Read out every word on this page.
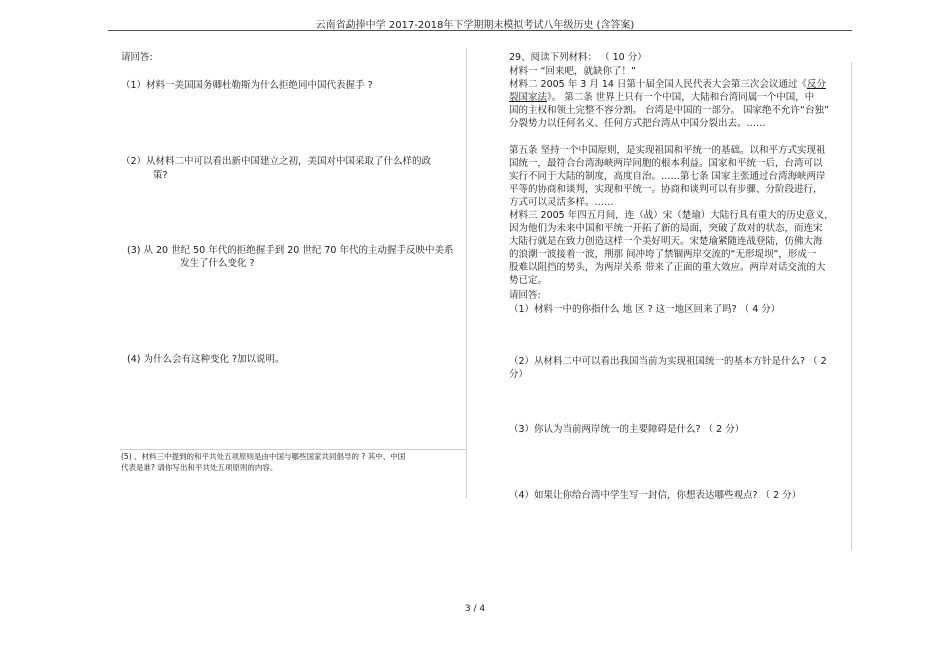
云南省勐捧中学 2017-2018年下学期期末模拟考试八年级历史 (含答案)
请回答:
（1）材料一美国国务卿杜勒斯为什么拒绝同中国代表握手 ?
（2）从材料二中可以看出新中国建立之初，美国对中国采取了什么样的政
策?
(3) 从 20 世纪 50 年代的拒绝握手到 20 世纪 70 年代的主动握手反映中美系
发生了什么变化 ?
(4) 为什么会有这种变化 ?加以说明。
(5) 、材料三中提到的和平共处五项原则是由中国与哪些国家共同倡导的 ? 其中、中国
代表是谁? 请你写出和平共处五项原则的内容。
29、阅读下列材料： （ 10 分）
材料一 “回来吧，就缺你了！”
材料二 2005 年 3 月 14 日第十届全国人民代表大会第三次会议通过《反分
裂国家法》。 第二条 世界上只有一个中国，大陆和台湾同属一个中国，中
国的主权和领土完整不容分割。 台湾是中国的一部分。 国家绝不允许“台独”
分裂势力以任何名义、任何方式把台湾从中国分裂出去。……
第五条 坚持一个中国原则，是实现祖国和平统一的基础。以和平方式实现祖
国统一，最符合台湾海峡两岸同胞的根本利益。国家和平统一后，台湾可以
实行不同于大陆的制度，高度自治。……第七条 国家主张通过台湾海峡两岸
平等的协商和谈判，实现和平统一。协商和谈判可以有步骤、分阶段进行，
方式可以灵活多样。……
材料三 2005 年四五月间，连（战）宋（楚瑜）大陆行具有重大的历史意义，
因为他们为未来中国和平统一开拓了新的局面，突破了敌对的状态，而连宋
大陆行就是在致力创造这样一个美好明天。宋楚瑜紧随连战登陆，仿佛大海
的浪潮一波接着一波，荆那 间冲垮了禁锢两岸交流的“无形堤坝”，形成一
股难以阻挡的势头，为两岸关系 带来了正面的重大效应。两岸对话交流的大
势已定。
请回答:
（1）材料一中的你指什么 地 区 ? 这一地区回来了吗? （ 4 分）
（2）从材料二中可以看出我国当前为实现祖国统一的基本方针是什么? （ 2
分）
（3）你认为当前两岸统一的主要障碍是什么? （ 2 分）
（4）如果让你给台湾中学生写一封信，你想表达哪些观点? （ 2 分）
3 / 4
